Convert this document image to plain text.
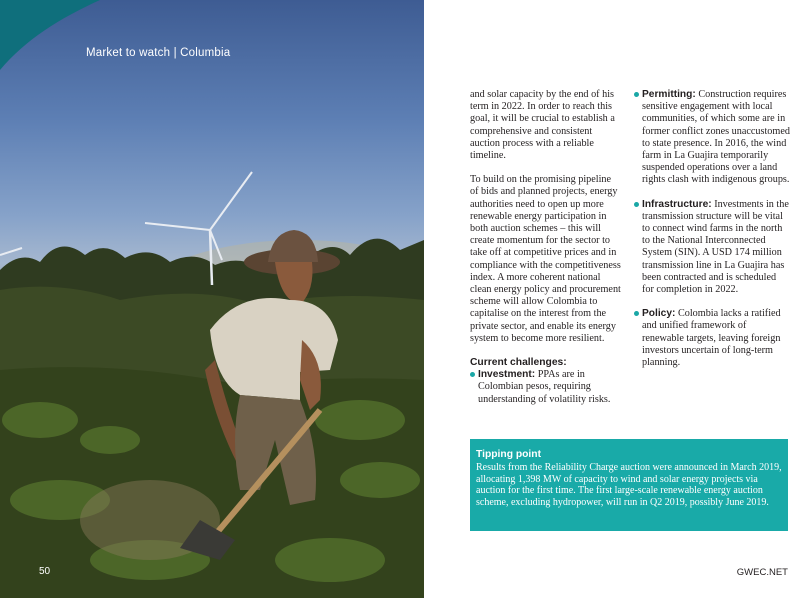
Market to watch | Columbia
50

and solar capacity by the end of his term in 2022. In order to reach this goal, it will be crucial to establish a comprehensive and consistent auction process with a reliable timeline.

To build on the promising pipeline of bids and planned projects, energy authorities need to open up more renewable energy participation in both auction schemes – this will create momentum for the sector to take off at competitive prices and in compliance with the competitiveness index. A more coherent national clean energy policy and procurement scheme will allow Colombia to capitalise on the interest from the private sector, and enable its energy system to become more resilient.

Current challenges:
Investment: PPAs are in Colombian pesos, requiring understanding of volatility risks.
Permitting: Construction requires sensitive engagement with local communities, of which some are in former conflict zones unaccustomed to state presence. In 2016, the wind farm in La Guajira temporarily suspended operations over a land rights clash with indigenous groups.
Infrastructure: Investments in the transmission structure will be vital to connect wind farms in the north to the National Interconnected System (SIN). A USD 174 million transmission line in La Guajira has been contracted and is scheduled for completion in 2022.
Policy: Colombia lacks a ratified and unified framework of renewable targets, leaving foreign investors uncertain of long-term planning.
Tipping point
Results from the Reliability Charge auction were announced in March 2019, allocating 1,398 MW of capacity to wind and solar energy projects via auction for the first time. The first large-scale renewable energy auction scheme, excluding hydropower, will run in Q2 2019, possibly June 2019.
GWEC.NET
